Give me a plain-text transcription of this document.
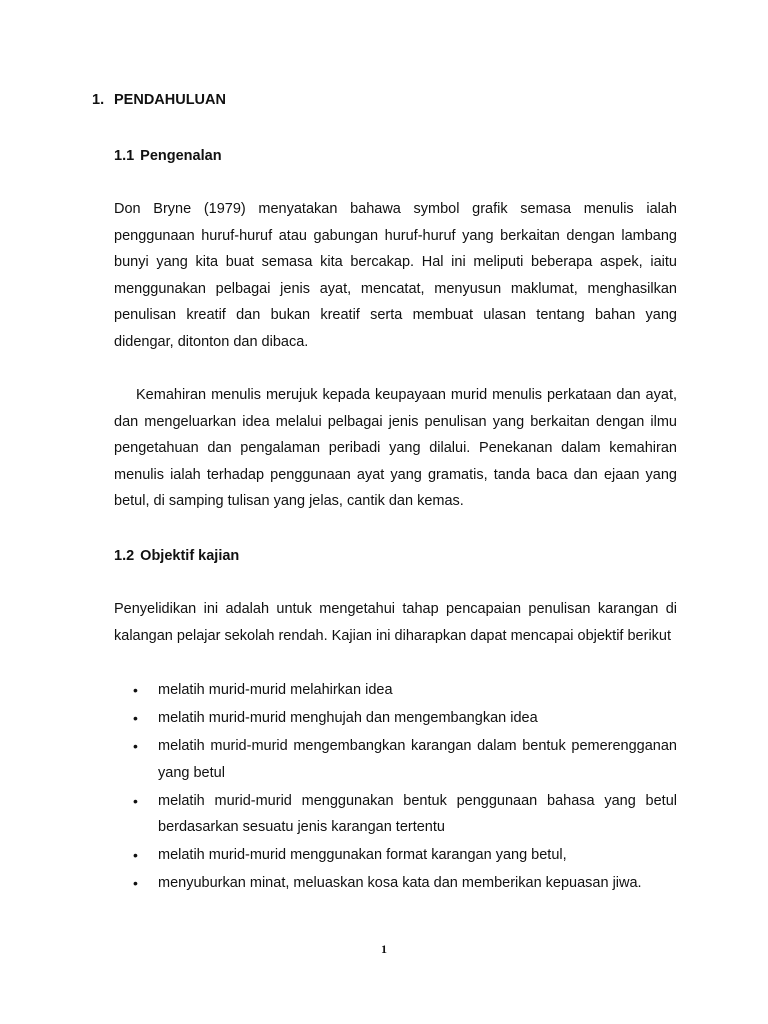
1. PENDAHULUAN
1.1 Pengenalan

Don Bryne (1979) menyatakan bahawa symbol grafik semasa menulis ialah penggunaan huruf-huruf atau gabungan huruf-huruf yang berkaitan dengan lambang bunyi yang kita buat semasa kita bercakap. Hal ini meliputi beberapa aspek, iaitu menggunakan pelbagai jenis ayat, mencatat, menyusun maklumat, menghasilkan penulisan kreatif dan bukan kreatif serta membuat ulasan tentang bahan yang didengar, ditonton dan dibaca.

Kemahiran menulis merujuk kepada keupayaan murid menulis perkataan dan ayat, dan mengeluarkan idea melalui pelbagai jenis penulisan yang berkaitan dengan ilmu pengetahuan dan pengalaman peribadi yang dilalui. Penekanan dalam kemahiran menulis ialah terhadap penggunaan ayat yang gramatis, tanda baca dan ejaan yang betul, di samping tulisan yang jelas, cantik dan kemas.

1.2 Objektif kajian

Penyelidikan ini adalah untuk mengetahui tahap pencapaian penulisan karangan di kalangan pelajar sekolah rendah. Kajian ini diharapkan dapat mencapai objektif berikut

• melatih murid-murid melahirkan idea
• melatih murid-murid menghujah dan mengembangkan idea
• melatih murid-murid mengembangkan karangan dalam bentuk pemerengganan yang betul
• melatih murid-murid menggunakan bentuk penggunaan bahasa yang betul berdasarkan sesuatu jenis karangan tertentu
• melatih murid-murid menggunakan format karangan yang betul,
• menyuburkan minat, meluaskan kosa kata dan memberikan kepuasan jiwa.
1
